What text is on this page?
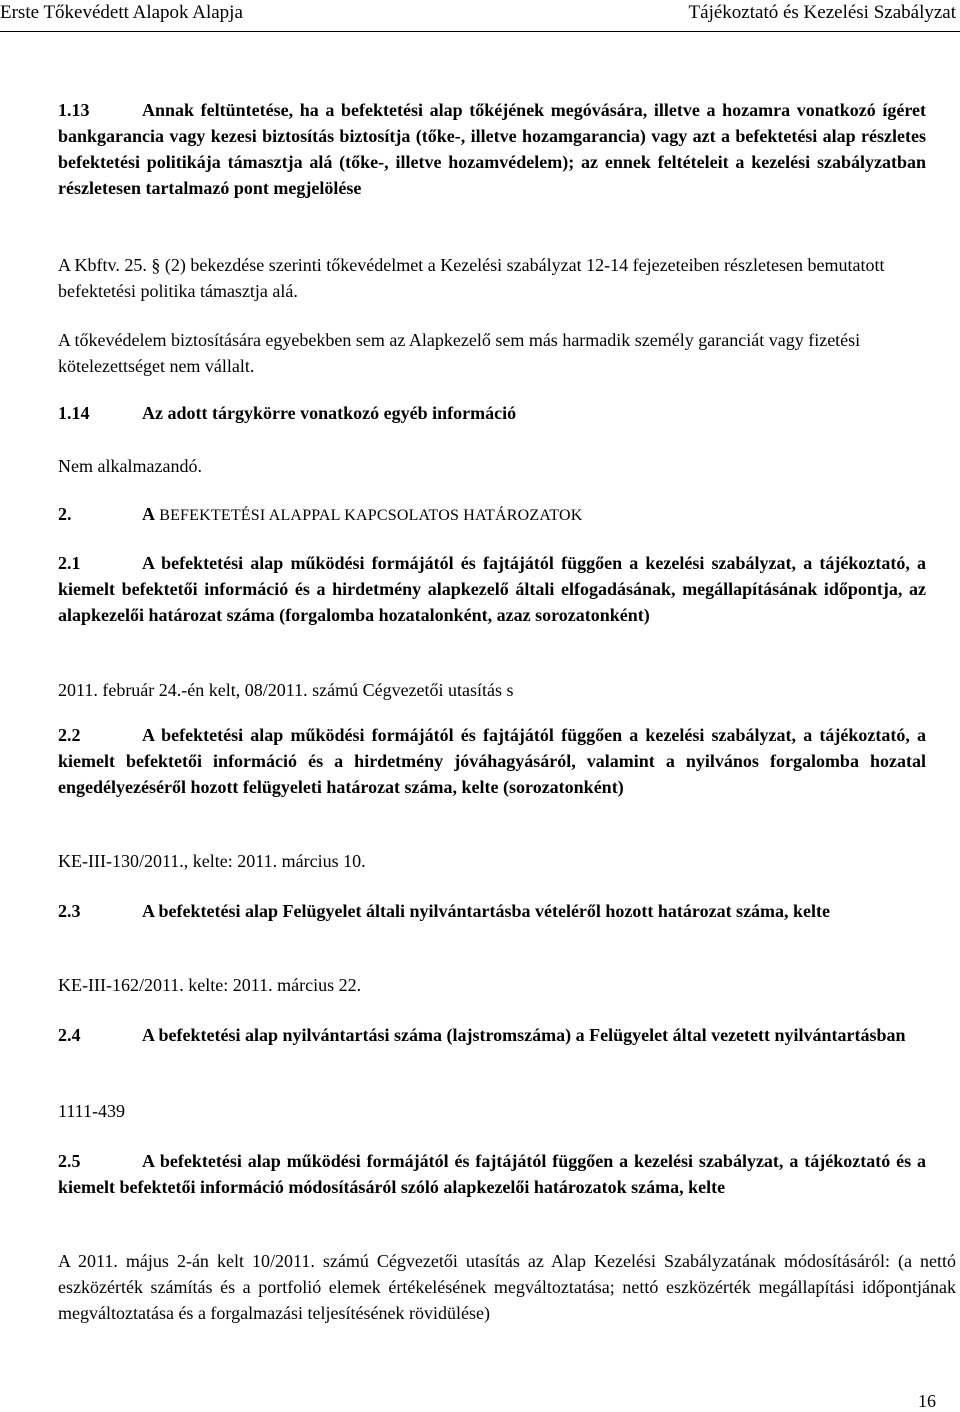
Erste Tőkevédett Alapok Alapja	Tájékoztató és Kezelési Szabályzat
1.13	Annak feltüntetése, ha a befektetési alap tőkéjének megóvására, illetve a hozamra vonatkozó ígéret bankgarancia vagy kezesi biztosítás biztosítja (tőke-, illetve hozamgarancia) vagy azt a befektetési alap részletes befektetési politikája támasztja alá (tőke-, illetve hozamvédelem); az ennek feltételeit a kezelési szabályzatban részletesen tartalmazó pont megjelölése
A Kbftv. 25. § (2) bekezdése szerinti tőkevédelmet a Kezelési szabályzat 12-14 fejezeteiben részletesen bemutatott befektetési politika támasztja alá.
A tőkevédelem biztosítására egyebekben sem az Alapkezelő sem más harmadik személy garanciát vagy fizetési kötelezettséget nem vállalt.
1.14	Az adott tárgykörre vonatkozó egyéb információ
Nem alkalmazandó.
2.	A BEFEKTETÉSI ALAPPAL KAPCSOLATOS HATÁROZATOK
2.1	A befektetési alap működési formájától és fajtájától függően a kezelési szabályzat, a tájékoztató, a kiemelt befektetői információ és a hirdetmény alapkezelő általi elfogadásának, megállapításának időpontja, az alapkezelői határozat száma (forgalomba hozatalonként, azaz sorozatonként)
2011. február 24.-én kelt, 08/2011. számú Cégvezetői utasítás s
2.2	A befektetési alap működési formájától és fajtájától függően a kezelési szabályzat, a tájékoztató, a kiemelt befektetői információ és a hirdetmény jóváhagyásáról, valamint a nyilvános forgalomba hozatal engedélyezéséről hozott felügyeleti határozat száma, kelte (sorozatonként)
KE-III-130/2011., kelte: 2011. március 10.
2.3	A befektetési alap Felügyelet általi nyilvántartásba vételéről hozott határozat száma, kelte
KE-III-162/2011. kelte: 2011. március 22.
2.4	A befektetési alap nyilvántartási száma (lajstromszáma) a Felügyelet által vezetett nyilvántartásban
1111-439
2.5	A befektetési alap működési formájától és fajtájától függően a kezelési szabályzat, a tájékoztató és a kiemelt befektetői információ módosításáról szóló alapkezelői határozatok száma, kelte
A 2011. május 2-án kelt 10/2011. számú Cégvezetői utasítás az Alap Kezelési Szabályzatának módosításáról: (a nettó eszközérték számítás és a portfolió elemek értékelésének megváltoztatása; nettó eszközérték megállapítási időpontjának megváltoztatása és a forgalmazási teljesítésének rövidülése)
16
